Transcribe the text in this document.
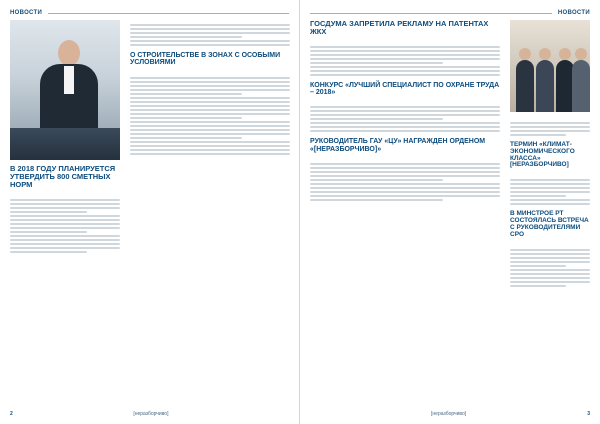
НОВОСТИ
В 2018 ГОДУ ПЛАНИРУЕТСЯ УТВЕРДИТЬ 800 СМЕТНЫХ НОРМ
О СТРОИТЕЛЬСТВЕ В ЗОНАХ С ОСОБЫМИ УСЛОВИЯМИ
2	[неразборчиво]
НОВОСТИ
ГОСДУМА ЗАПРЕТИЛА РЕКЛАМУ НА ПАТЕНТАХ ЖКХ
КОНКУРС «ЛУЧШИЙ СПЕЦИАЛИСТ ПО ОХРАНЕ ТРУДА – 2018»
РУКОВОДИТЕЛЬ ГАУ «ЦУ» НАГРАЖДЕН ОРДЕНОМ «[НЕРАЗБОРЧИВО]»
ТЕРМИН «КЛИМАТ-ЭКОНОМИЧЕСКОГО КЛАССА» [НЕРАЗБОРЧИВО]
В МИНСТРОЕ РТ СОСТОЯЛАСЬ ВСТРЕЧА С РУКОВОДИТЕЛЯМИ СРО
[неразборчиво]	3
